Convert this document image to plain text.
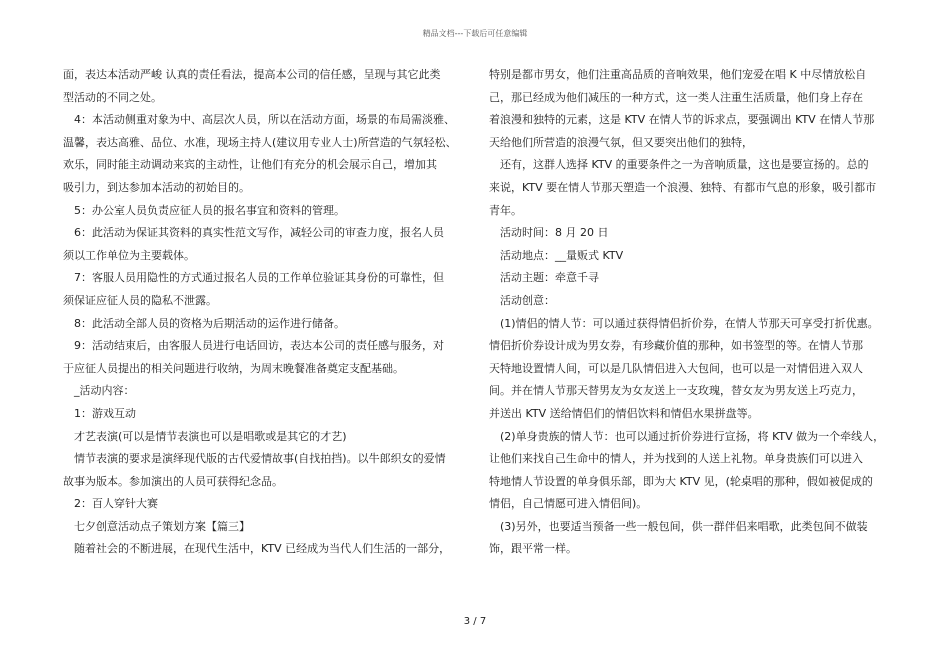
精品文档---下载后可任意编辑

面，表达本活动严峻 认真的责任看法，提高本公司的信任感，呈现与其它此类

型活动的不同之处。

　4：本活动侧重对象为中、高层次人员，所以在活动方面，场景的布局需淡雅、

温馨，表达高雅、品位、水准，现场主持人(建议用专业人士)所营造的气氛轻松、

欢乐，同时能主动调动来宾的主动性，让他们有充分的机会展示自己，增加其

吸引力，到达参加本活动的初始目的。

　5：办公室人员负责应征人员的报名事宜和资料的管理。

　6：此活动为保证其资料的真实性范文写作，减轻公司的审查力度，报名人员

须以工作单位为主要载体。

　7：客服人员用隐性的方式通过报名人员的工作单位验证其身份的可靠性，但

须保证应征人员的隐私不泄露。

　8：此活动全部人员的资格为后期活动的运作进行储备。

　9：活动结束后，由客服人员进行电话回访，表达本公司的责任感与服务，对

于应征人员提出的相关问题进行收纳，为周末晚餐准备奠定支配基础。

　_活动内容：

　1：游戏互动

　才艺表演(可以是情节表演也可以是唱歌或是其它的才艺)

　情节表演的要求是演绎现代版的古代爱情故事(自找拍挡)。以牛郎织女的爱情

故事为版本。参加演出的人员可获得纪念品。

　2：百人穿针大赛

　七夕创意活动点子策划方案【篇三】

　随着社会的不断进展，在现代生活中，KTV 已经成为当代人们生活的一部分，

特别是都市男女，他们注重高品质的音响效果，他们宠爱在唱 K 中尽情放松自

己，那已经成为他们减压的一种方式，这一类人注重生活质量，他们身上存在

着浪漫和独特的元素，这是 KTV 在情人节的诉求点，要强调出 KTV 在情人节那

天给他们所营造的浪漫气氛，但又要突出他们的独特，

　还有，这群人选择 KTV 的重要条件之一为音响质量，这也是要宣扬的。总的

来说，KTV 要在情人节那天塑造一个浪漫、独特、有都市气息的形象，吸引都市

青年。

　活动时间：8 月 20 日

　活动地点：__量贩式 KTV

　活动主题：牵意千寻

　活动创意：

　(1)情侣的情人节：可以通过获得情侣折价券，在情人节那天可享受打折优惠。

情侣折价券设计成为男女券，有珍藏价值的那种，如书签型的等。在情人节那

天特地设置情人间，可以是几队情侣进入大包间，也可以是一对情侣进入双人

间。并在情人节那天替男友为女友送上一支玫瑰，替女友为男友送上巧克力，

并送出 KTV 送给情侣们的情侣饮料和情侣水果拼盘等。

　(2)单身贵族的情人节：也可以通过折价券进行宣扬，将 KTV 做为一个牵线人，

让他们来找自己生命中的情人，并为找到的人送上礼物。单身贵族们可以进入

特地情人节设置的单身俱乐部，即为大 KTV 见，(轮桌唱的那种，假如被促成的

情侣，自己情愿可进入情侣间)。

　(3)另外，也要适当预备一些一般包间，供一群伴侣来唱歌，此类包间不做装

饰，跟平常一样。

3 / 7
